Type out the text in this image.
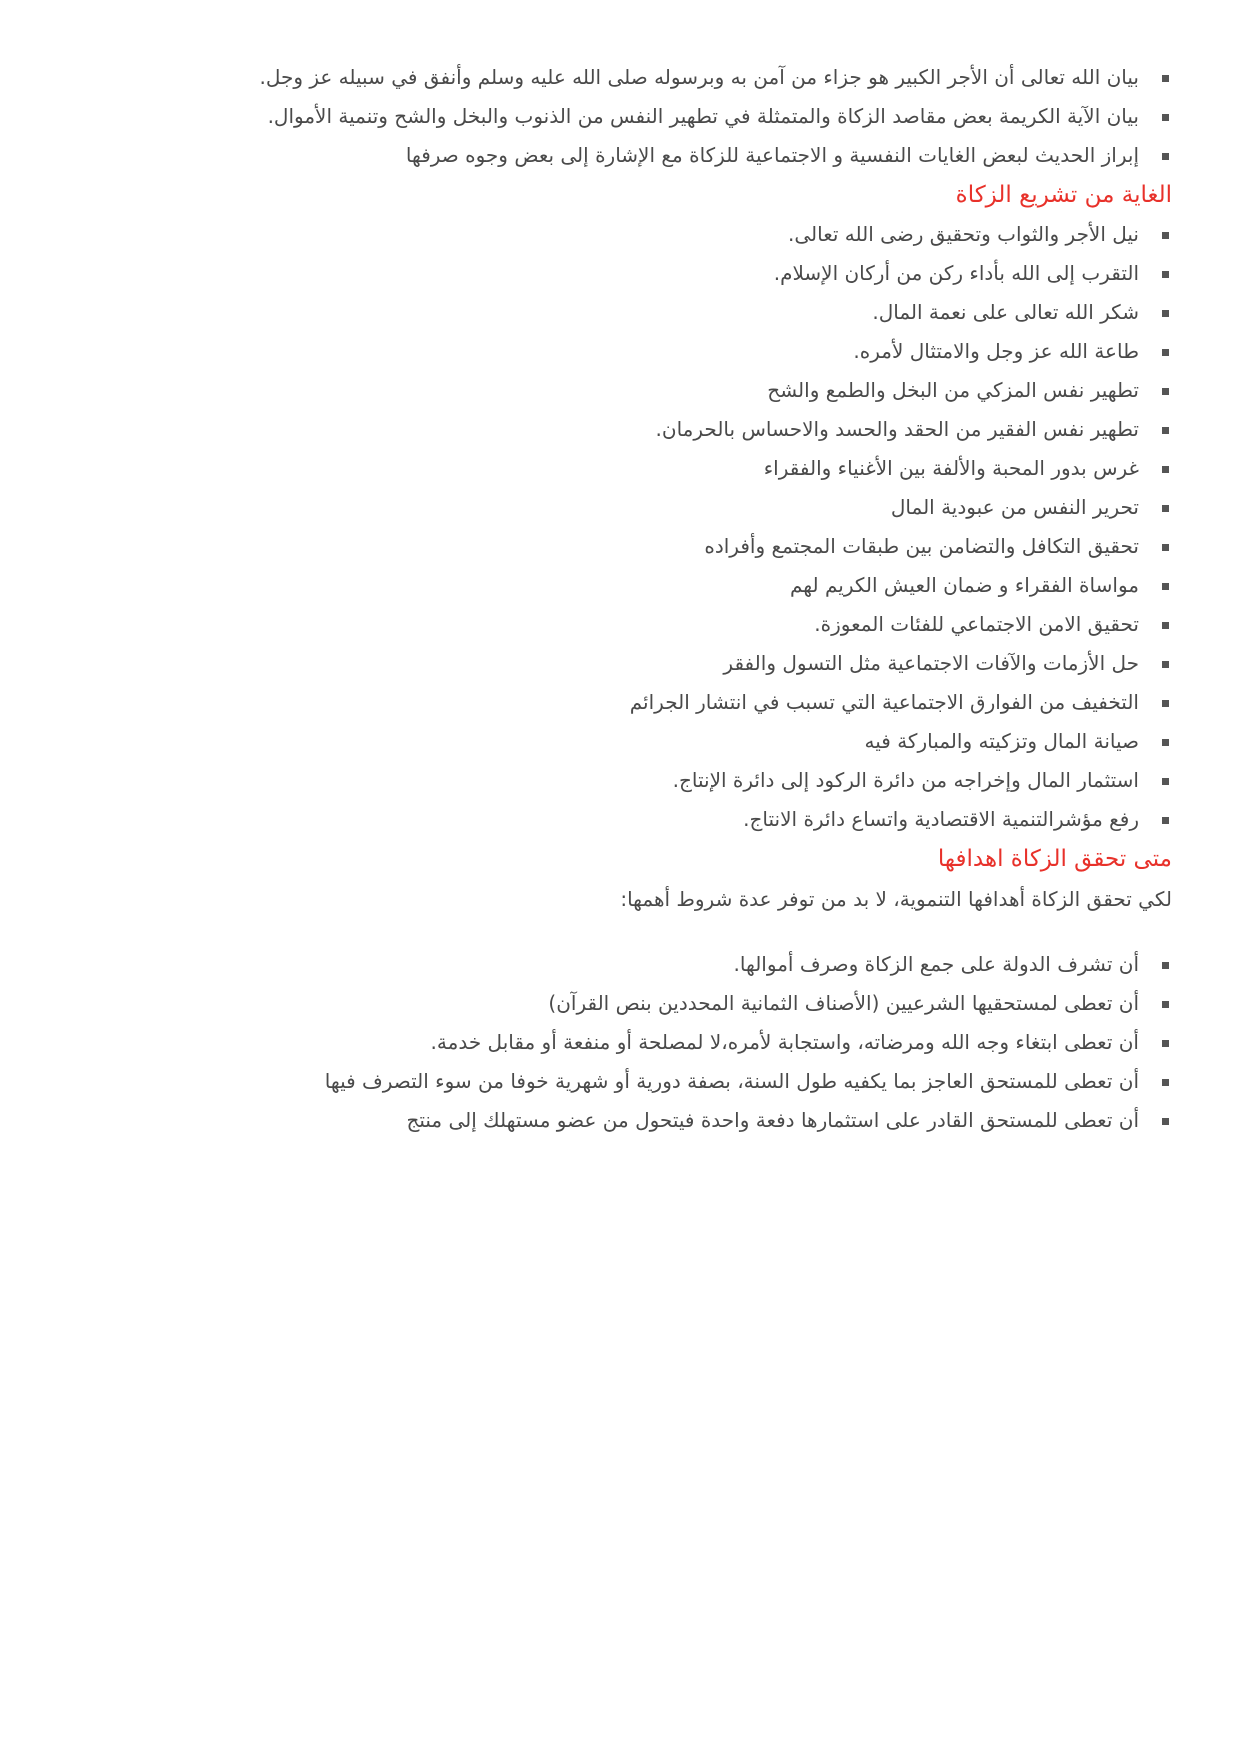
بيان الله تعالى أن الأجر الكبير هو جزاء من آمن به وبرسوله صلى الله عليه وسلم وأنفق في سبيله عز وجل.
بيان الآية الكريمة بعض مقاصد الزكاة والمتمثلة في تطهير النفس من الذنوب والبخل والشح وتنمية الأموال.
إبراز الحديث لبعض الغايات النفسية و الاجتماعية للزكاة مع الإشارة إلى بعض وجوه صرفها
الغاية من تشريع الزكاة
نيل الأجر والثواب وتحقيق رضى الله تعالى.
التقرب إلى الله بأداء ركن من أركان الإسلام.
شكر الله تعالى على نعمة المال.
طاعة الله عز وجل والامتثال لأمره.
تطهير نفس المزكي من البخل والطمع والشح
تطهير نفس الفقير من الحقد والحسد والاحساس بالحرمان.
غرس بدور المحبة والألفة بين الأغنياء والفقراء
تحرير النفس من عبودية المال
تحقيق التكافل والتضامن بين طبقات المجتمع وأفراده
مواساة الفقراء و ضمان العيش الكريم لهم
تحقيق الامن الاجتماعي للفئات المعوزة.
حل الأزمات والآفات الاجتماعية مثل التسول والفقر
التخفيف من الفوارق الاجتماعية التي تسبب في انتشار الجرائم
صيانة المال وتزكيته والمباركة فيه
استثمار المال وإخراجه من دائرة الركود إلى دائرة الإنتاج.
رفع مؤشرالتنمية الاقتصادية واتساع دائرة الانتاج.
متى تحقق الزكاة اهدافها

لكي تحقق الزكاة أهدافها التنموية، لا بد من توفر عدة شروط أهمها:

أن تشرف الدولة على جمع الزكاة وصرف أموالها.
أن تعطى لمستحقيها الشرعيين (الأصناف الثمانية المحددين بنص القرآن)
أن تعطى ابتغاء وجه الله ومرضاته، واستجابة لأمره،لا لمصلحة أو منفعة أو مقابل خدمة.
أن تعطى للمستحق العاجز بما يكفيه طول السنة، بصفة دورية أو شهرية خوفا من سوء التصرف فيها
أن تعطى للمستحق القادر على استثمارها دفعة واحدة فيتحول من عضو مستهلك إلى منتج
